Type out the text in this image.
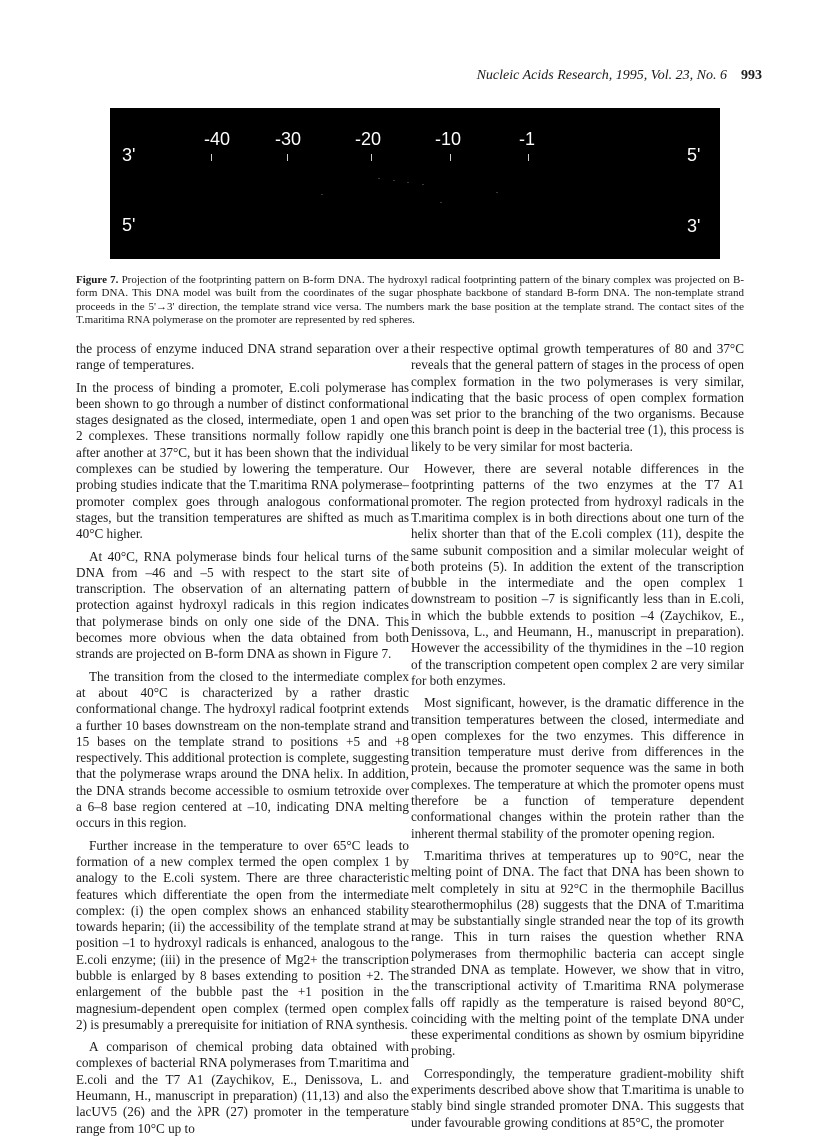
Nucleic Acids Research, 1995, Vol. 23, No. 6 993
-40 -30	-20	-10	-1
3'	5'
5'	3'
Figure 7. Projection of the footprinting pattern on B-form DNA. The hydroxyl radical footprinting pattern of the binary complex was projected on B-form DNA. This DNA model was built from the coordinates of the sugar phosphate backbone of standard B-form DNA. The non-template strand proceeds in the 5'→3' direction, the template strand vice versa. The numbers mark the base position at the template strand. The contact sites of the T.maritima RNA polymerase on the promoter are represented by red spheres.

the process of enzyme induced DNA strand separation over a range of temperatures.

In the process of binding a promoter, E.coli polymerase has been shown to go through a number of distinct conformational stages designated as the closed, intermediate, open 1 and open 2 complexes. These transitions normally follow rapidly one after another at 37°C, but it has been shown that the individual complexes can be studied by lowering the temperature. Our probing studies indicate that the T.maritima RNA polymerase–promoter complex goes through analogous conformational stages, but the transition temperatures are shifted as much as 40°C higher.

At 40°C, RNA polymerase binds four helical turns of the DNA from –46 and –5 with respect to the start site of transcription. The observation of an alternating pattern of protection against hydroxyl radicals in this region indicates that polymerase binds on only one side of the DNA. This becomes more obvious when the data obtained from both strands are projected on B-form DNA as shown in Figure 7.

The transition from the closed to the intermediate complex at about 40°C is characterized by a rather drastic conformational change. The hydroxyl radical footprint extends a further 10 bases downstream on the non-template strand and 15 bases on the template strand to positions +5 and +8 respectively. This additional protection is complete, suggesting that the polymerase wraps around the DNA helix. In addition, the DNA strands become accessible to osmium tetroxide over a 6–8 base region centered at –10, indicating DNA melting occurs in this region.

Further increase in the temperature to over 65°C leads to formation of a new complex termed the open complex 1 by analogy to the E.coli system. There are three characteristic features which differentiate the open from the intermediate complex: (i) the open complex shows an enhanced stability towards heparin; (ii) the accessibility of the template strand at position –1 to hydroxyl radicals is enhanced, analogous to the E.coli enzyme; (iii) in the presence of Mg2+ the transcription bubble is enlarged by 8 bases extending to position +2. The enlargement of the bubble past the +1 position in the magnesium-dependent open complex (termed open complex 2) is presumably a prerequisite for initiation of RNA synthesis.

A comparison of chemical probing data obtained with complexes of bacterial RNA polymerases from T.maritima and E.coli and the T7 A1 (Zaychikov, E., Denissova, L. and Heumann, H., manuscript in preparation) (11,13) and also the lacUV5 (26) and the λPR (27) promoter in the temperature range from 10°C up to

their respective optimal growth temperatures of 80 and 37°C reveals that the general pattern of stages in the process of open complex formation in the two polymerases is very similar, indicating that the basic process of open complex formation was set prior to the branching of the two organisms. Because this branch point is deep in the bacterial tree (1), this process is likely to be very similar for most bacteria.

However, there are several notable differences in the footprinting patterns of the two enzymes at the T7 A1 promoter. The region protected from hydroxyl radicals in the T.maritima complex is in both directions about one turn of the helix shorter than that of the E.coli complex (11), despite the same subunit composition and a similar molecular weight of both proteins (5). In addition the extent of the transcription bubble in the intermediate and the open complex 1 downstream to position –7 is significantly less than in E.coli, in which the bubble extends to position –4 (Zaychikov, E., Denissova, L., and Heumann, H., manuscript in preparation). However the accessibility of the thymidines in the –10 region of the transcription competent open complex 2 are very similar for both enzymes.

Most significant, however, is the dramatic difference in the transition temperatures between the closed, intermediate and open complexes for the two enzymes. This difference in transition temperature must derive from differences in the protein, because the promoter sequence was the same in both complexes. The temperature at which the promoter opens must therefore be a function of temperature dependent conformational changes within the protein rather than the inherent thermal stability of the promoter opening region.

T.maritima thrives at temperatures up to 90°C, near the melting point of DNA. The fact that DNA has been shown to melt completely in situ at 92°C in the thermophile Bacillus stearothermophilus (28) suggests that the DNA of T.maritima may be substantially single stranded near the top of its growth range. This in turn raises the question whether RNA polymerases from thermophilic bacteria can accept single stranded DNA as template. However, we show that in vitro, the transcriptional activity of T.maritima RNA polymerase falls off rapidly as the temperature is raised beyond 80°C, coinciding with the melting point of the template DNA under these experimental conditions as shown by osmium bipyridine probing.

Correspondingly, the temperature gradient-mobility shift experiments described above show that T.maritima is unable to stably bind single stranded promoter DNA. This suggests that under favourable growing conditions at 85°C, the promoter
